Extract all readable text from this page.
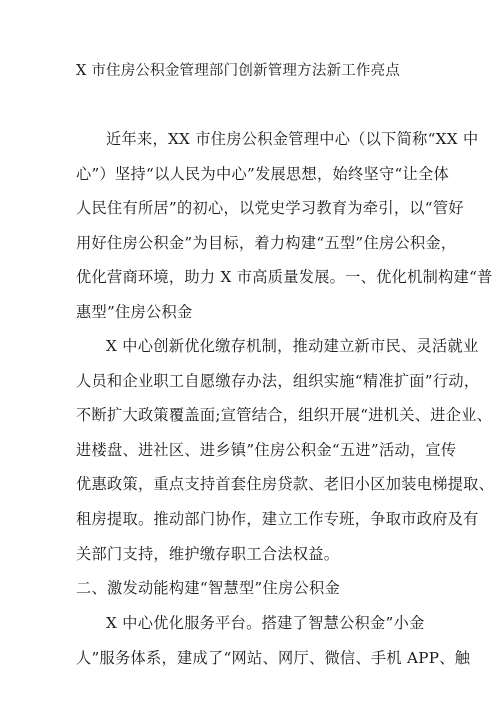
X 市住房公积金管理部门创新管理方法新工作亮点
近年来，XX 市住房公积金管理中心（以下简称“XX 中
心”）坚持“以人民为中心”发展思想，始终坚守“让全体
人民住有所居”的初心，以党史学习教育为牵引，以“管好
用好住房公积金”为目标，着力构建“五型”住房公积金，
优化营商环境，助力 X 市高质量发展。一、优化机制构建“普
惠型”住房公积金
X 中心创新优化缴存机制，推动建立新市民、灵活就业
人员和企业职工自愿缴存办法，组织实施“精准扩面”行动，
不断扩大政策覆盖面;宣管结合，组织开展“进机关、进企业、
进楼盘、进社区、进乡镇”住房公积金“五进”活动，宣传
优惠政策，重点支持首套住房贷款、老旧小区加装电梯提取、
租房提取。推动部门协作，建立工作专班，争取市政府及有
关部门支持，维护缴存职工合法权益。
二、激发动能构建“智慧型”住房公积金
X 中心优化服务平台。搭建了智慧公积金”小金
人”服务体系，建成了“网站、网厅、微信、手机 APP、触
